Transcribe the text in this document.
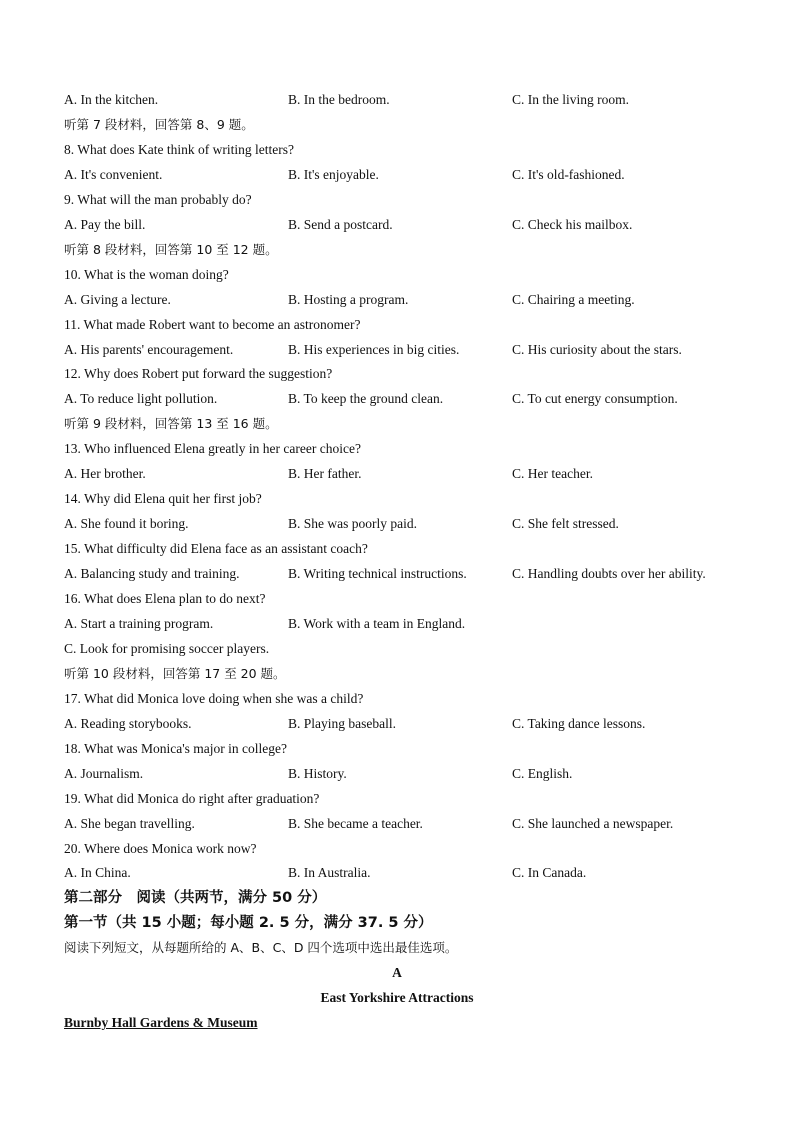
A. In the kitchen.	B. In the bedroom.	C. In the living room.
听第 7 段材料，回答第 8、9 题。
8. What does Kate think of writing letters?
A. It's convenient.	B. It's enjoyable.	C. It's old-fashioned.
9. What will the man probably do?
A. Pay the bill.	B. Send a postcard.	C. Check his mailbox.
听第 8 段材料，回答第 10 至 12 题。
10. What is the woman doing?
A. Giving a lecture.	B. Hosting a program.	C. Chairing a meeting.
11. What made Robert want to become an astronomer?
A. His parents' encouragement.	B. His experiences in big cities.	C. His curiosity about the stars.
12. Why does Robert put forward the suggestion?
A. To reduce light pollution.	B. To keep the ground clean.	C. To cut energy consumption.
听第 9 段材料，回答第 13 至 16 题。
13. Who influenced Elena greatly in her career choice?
A. Her brother.	B. Her father.	C. Her teacher.
14. Why did Elena quit her first job?
A. She found it boring.	B. She was poorly paid.	C. She felt stressed.
15. What difficulty did Elena face as an assistant coach?
A. Balancing study and training.	B. Writing technical instructions.	C. Handling doubts over her ability.
16. What does Elena plan to do next?
A. Start a training program.	B. Work with a team in England.
C. Look for promising soccer players.
听第 10 段材料，回答第 17 至 20 题。
17. What did Monica love doing when she was a child?
A. Reading storybooks.	B. Playing baseball.	C. Taking dance lessons.
18. What was Monica's major in college?
A. Journalism.	B. History.	C. English.
19. What did Monica do right after graduation?
A. She began travelling.	B. She became a teacher.	C. She launched a newspaper.
20. Where does Monica work now?
A. In China.	B. In Australia.	C. In Canada.
第二部分　阅读（共两节，满分 50 分）
第一节（共 15 小题；每小题 2. 5 分，满分 37. 5 分）
阅读下列短文，从每题所给的 A、B、C、D 四个选项中选出最佳选项。
A
East Yorkshire Attractions
Burnby Hall Gardens & Museum
